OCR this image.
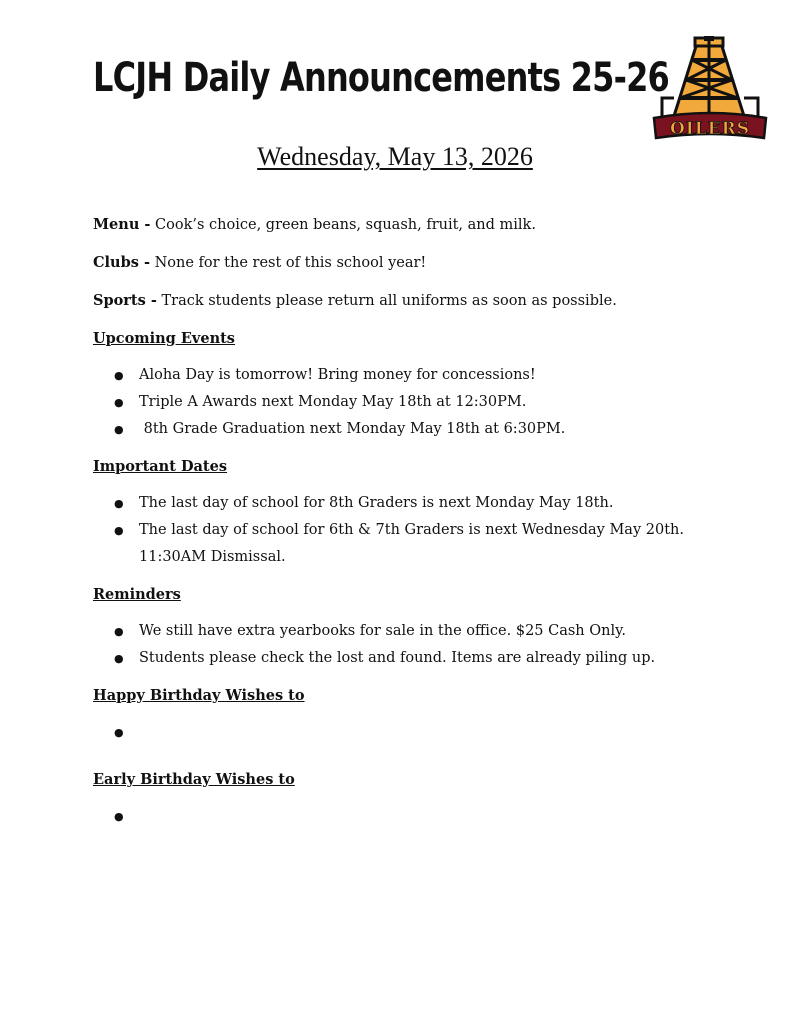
LCJH Daily Announcements 25-26
OILERS
Wednesday, May 13, 2026

Menu - Cook’s choice, green beans, squash, fruit, and milk.

Clubs - None for the rest of this school year!

Sports - Track students please return all uniforms as soon as possible.

Upcoming Events
● Aloha Day is tomorrow! Bring money for concessions!
● Triple A Awards next Monday May 18th at 12:30PM.
●  8th Grade Graduation next Monday May 18th at 6:30PM.
Important Dates
● The last day of school for 8th Graders is next Monday May 18th.
● The last day of school for 6th & 7th Graders is next Wednesday May 20th. 11:30AM Dismissal.
Reminders
● We still have extra yearbooks for sale in the office. $25 Cash Only.
● Students please check the lost and found. Items are already piling up.
Happy Birthday Wishes to
●
Early Birthday Wishes to
●
